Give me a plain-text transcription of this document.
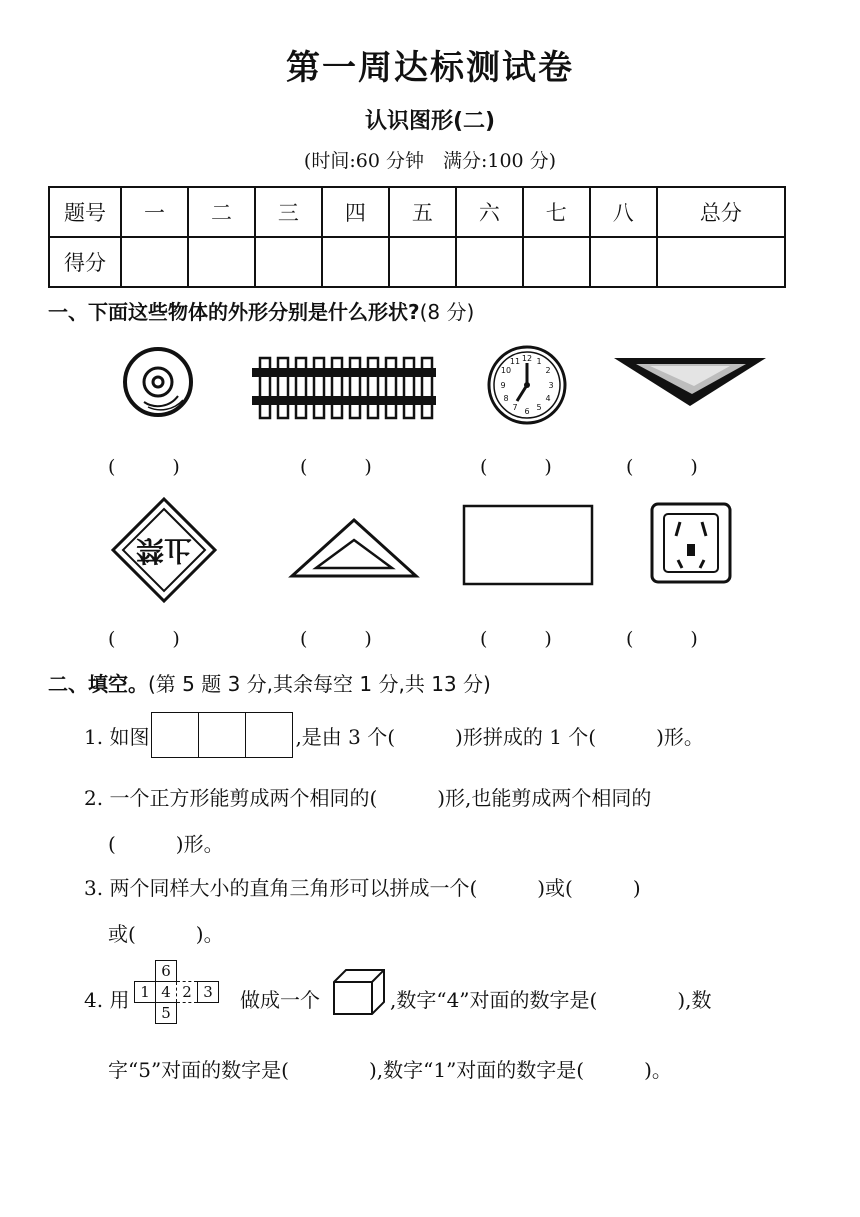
第一周达标测试卷
认识图形(二)
(时间:60 分钟　满分:100 分)
题号	一	二	三	四	五	六	七	八	总分
得分									
一、下面这些物体的外形分别是什么形状?(8 分)
12 1
2
3
4
5
6
7
8
9
10
11
(　　　)	(　　　)	(　　　)	(　　　)
禁止
(　　　)	(　　　)	(　　　)	(　　　)
二、填空。(第 5 题 3 分,其余每空 1 分,共 13 分)
1. 如图	,是由 3 个(　　　)形拼成的 1 个(　　　)形。
2. 一个正方形能剪成两个相同的(　　　)形,也能剪成两个相同的
(　　　)形。
3. 两个同样大小的直角三角形可以拼成一个(　　　)或(　　　)
或(　　　)。
4. 用
	6		
1	4	2	3
	5		
做成一个	,数字“4”对面的数字是(　　　　),数
字“5”对面的数字是(　　　　),数字“1”对面的数字是(　　　)。
